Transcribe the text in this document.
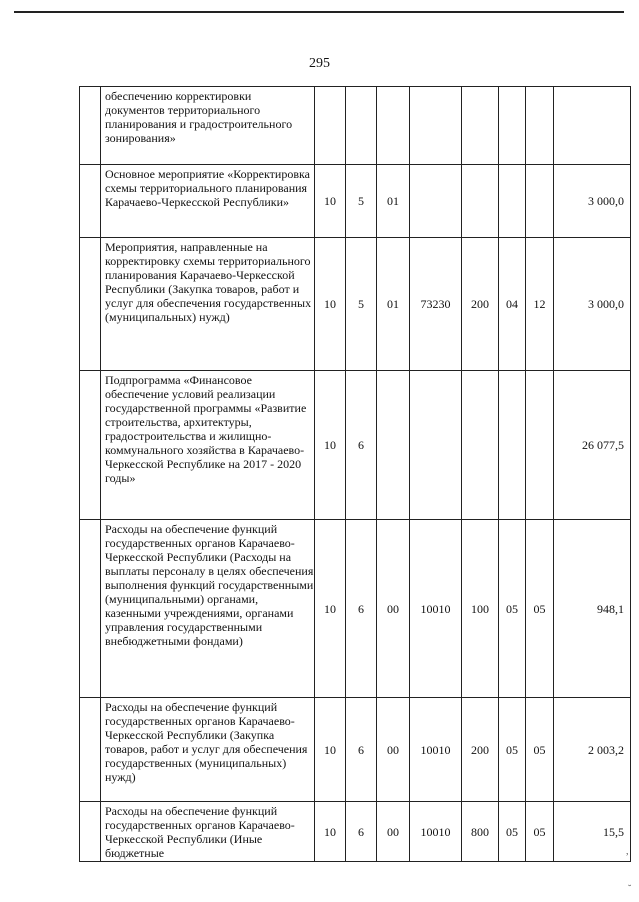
295
	обеспечению корректировки документов территориального планирования и градостроительного зонирования»								
	Основное мероприятие «Корректировка схемы территориального планирования Карачаево-Черкесской Республики»	10	5	01					3 000,0
	Мероприятия, направленные на корректировку схемы территориального планирования Карачаево-Черкесской Республики (Закупка товаров, работ и услуг для обеспечения государственных (муниципальных) нужд)	10	5	01	73230	200	04	12	3 000,0
	Подпрограмма «Финансовое обеспечение условий реализации государственной программы «Развитие строительства, архитектуры, градостроительства и жилищно-коммунального хозяйства в Карачаево-Черкесской Республике на 2017 - 2020 годы»	10	6						26 077,5
	Расходы на обеспечение функций государственных органов Карачаево-Черкесской Республики (Расходы на выплаты персоналу в целях обеспечения выполнения функций государственными (муниципальными) органами, казенными учреждениями, органами управления государственными внебюджетными фондами)	10	6	00	10010	100	05	05	948,1
	Расходы на обеспечение функций государственных органов Карачаево-Черкесской Республики (Закупка товаров, работ и услуг для обеспечения государственных (муниципальных) нужд)	10	6	00	10010	200	05	05	2 003,2
	Расходы на обеспечение функций государственных органов Карачаево-Черкесской Республики (Иные бюджетные	10	6	00	10010	800	05	05	15,5
,
˘
